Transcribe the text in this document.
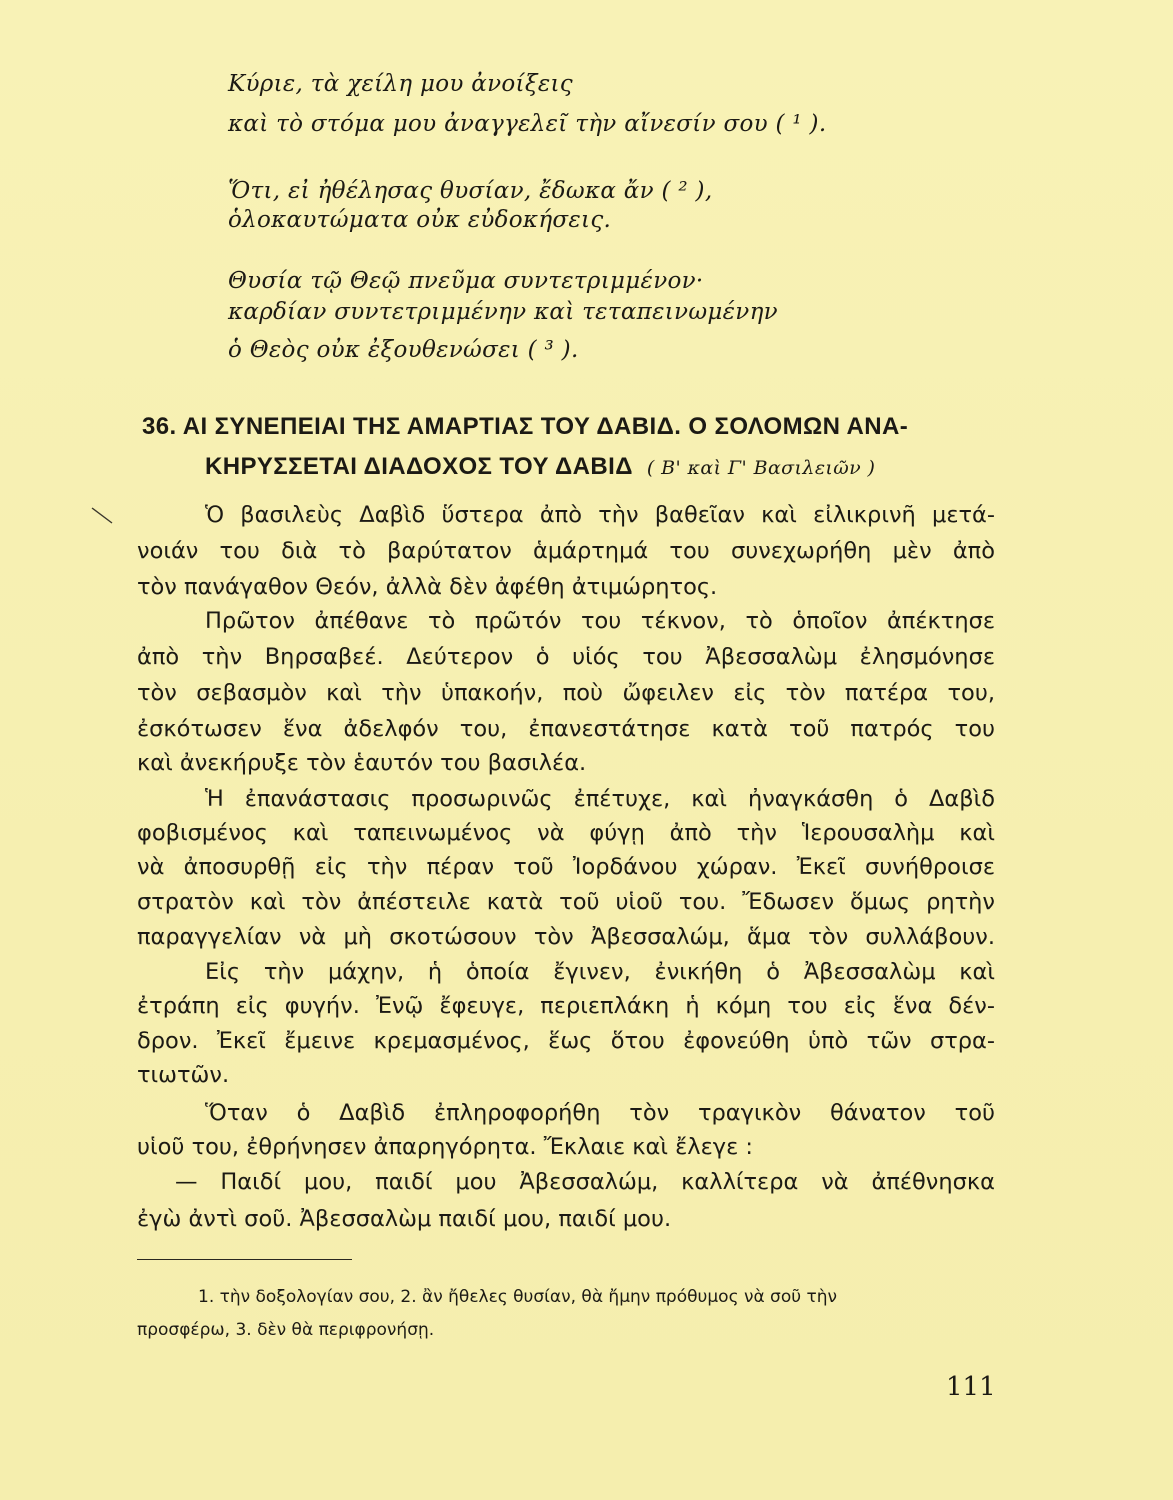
Κύριε, τὰ χείλη μου ἀνοίξεις
καὶ τὸ στόμα μου ἀναγγελεῖ τὴν αἴνεσίν σου ( ¹ ).
Ὅτι, εἰ ἠθέλησας θυσίαν, ἔδωκα ἄν ( ² ),
ὁλοκαυτώματα οὐκ εὐδοκήσεις.
Θυσία τῷ Θεῷ πνεῦμα συντετριμμένον·
καρδίαν συντετριμμένην καὶ τεταπεινωμένην
ὁ Θεὸς οὐκ ἐξουθενώσει ( ³ ).
36. ΑΙ ΣΥΝΕΠΕΙΑΙ ΤΗΣ ΑΜΑΡΤΙΑΣ ΤΟΥ ΔΑΒΙΔ. Ο ΣΟΛΟΜΩΝ ΑΝΑ-
ΚΗΡΥΣΣΕΤΑΙ ΔΙΑΔΟΧΟΣ ΤΟΥ ΔΑΒΙΔ ( Β' καὶ Γ' Βασιλειῶν )
Ὁ βασιλεὺς Δαβὶδ ὕστερα ἀπὸ τὴν βαθεῖαν καὶ εἰλικρινῆ μετά-
νοιάν του διὰ τὸ βαρύτατον ἁμάρτημά του συνεχωρήθη μὲν ἀπὸ
τὸν πανάγαθον Θεόν, ἀλλὰ δὲν ἀφέθη ἀτιμώρητος.
Πρῶτον ἀπέθανε τὸ πρῶτόν του τέκνον, τὸ ὁποῖον ἀπέκτησε
ἀπὸ τὴν Βηρσαβεέ. Δεύτερον ὁ υἱός του Ἀβεσσαλὼμ ἐλησμόνησε
τὸν σεβασμὸν καὶ τὴν ὑπακοήν, ποὺ ὤφειλεν εἰς τὸν πατέρα του,
ἐσκότωσεν ἕνα ἀδελφόν του, ἐπανεστάτησε κατὰ τοῦ πατρός του
καὶ ἀνεκήρυξε τὸν ἑαυτόν του βασιλέα.
Ἡ ἐπανάστασις προσωρινῶς ἐπέτυχε, καὶ ἠναγκάσθη ὁ Δαβὶδ
φοβισμένος καὶ ταπεινωμένος νὰ φύγῃ ἀπὸ τὴν Ἱερουσαλὴμ καὶ
νὰ ἀποσυρθῇ εἰς τὴν πέραν τοῦ Ἰορδάνου χώραν. Ἐκεῖ συνήθροισε
στρατὸν καὶ τὸν ἀπέστειλε κατὰ τοῦ υἱοῦ του. Ἔδωσεν ὅμως ρητὴν
παραγγελίαν νὰ μὴ σκοτώσουν τὸν Ἀβεσσαλώμ, ἅμα τὸν συλλάβουν.
Εἰς τὴν μάχην, ἡ ὁποία ἔγινεν, ἐνικήθη ὁ Ἀβεσσαλὼμ καὶ
ἐτράπη εἰς φυγήν. Ἐνῷ ἔφευγε, περιεπλάκη ἡ κόμη του εἰς ἕνα δέν-
δρον. Ἐκεῖ ἔμεινε κρεμασμένος, ἕως ὅτου ἐφονεύθη ὑπὸ τῶν στρα-
τιωτῶν.
Ὅταν ὁ Δαβὶδ ἐπληροφορήθη τὸν τραγικὸν θάνατον τοῦ
υἱοῦ του, ἐθρήνησεν ἀπαρηγόρητα. Ἔκλαιε καὶ ἔλεγε :
— Παιδί μου, παιδί μου Ἀβεσσαλώμ, καλλίτερα νὰ ἀπέθνησκα
ἐγὼ ἀντὶ σοῦ. Ἀβεσσαλὼμ παιδί μου, παιδί μου.
1. τὴν δοξολογίαν σου, 2. ἂν ἤθελες θυσίαν, θὰ ἤμην πρόθυμος νὰ σοῦ τὴν
προσφέρω, 3. δὲν θὰ περιφρονήσῃ.
111
